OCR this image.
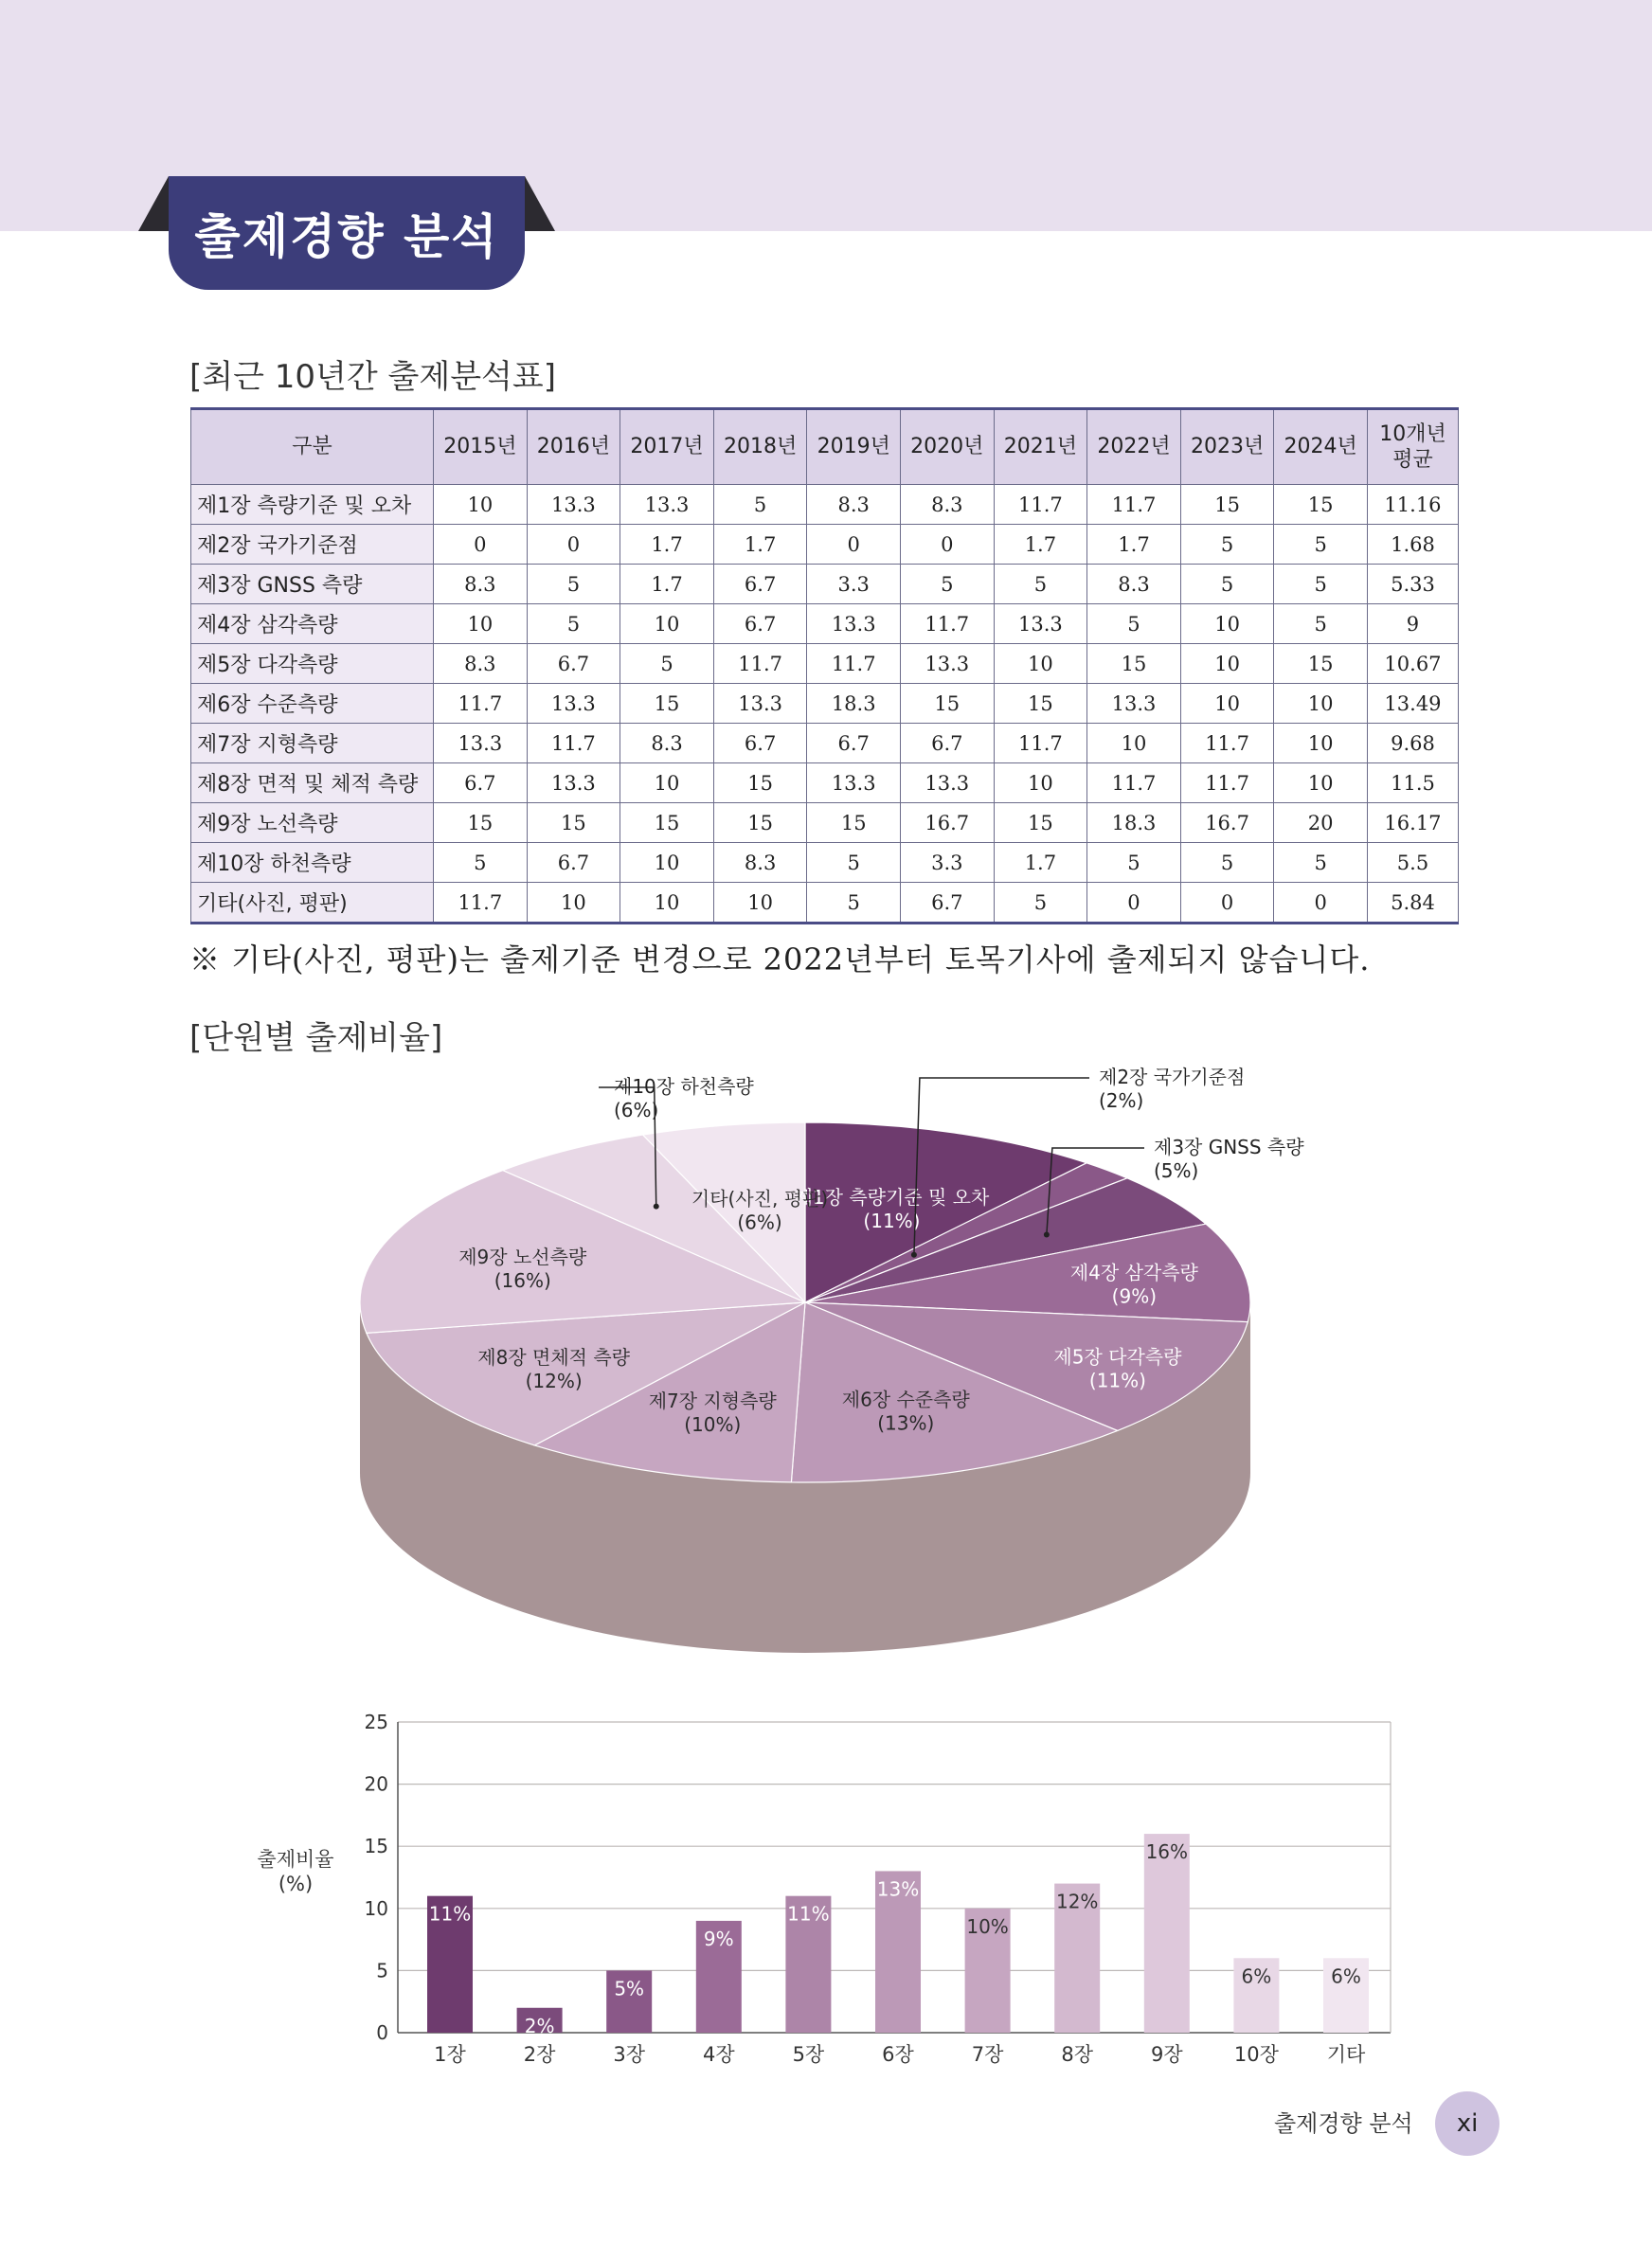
출제경향 분석
[최근 10년간 출제분석표]
구분	2015년	2016년	2017년	2018년	2019년	2020년	2021년	2022년	2023년	2024년	10개년
평균
제1장 측량기준 및 오차	10	13.3	13.3	5	8.3	8.3	11.7	11.7	15	15	11.16
제2장 국가기준점	0	0	1.7	1.7	0	0	1.7	1.7	5	5	1.68
제3장 GNSS 측량	8.3	5	1.7	6.7	3.3	5	5	8.3	5	5	5.33
제4장 삼각측량	10	5	10	6.7	13.3	11.7	13.3	5	10	5	9
제5장 다각측량	8.3	6.7	5	11.7	11.7	13.3	10	15	10	15	10.67
제6장 수준측량	11.7	13.3	15	13.3	18.3	15	15	13.3	10	10	13.49
제7장 지형측량	13.3	11.7	8.3	6.7	6.7	6.7	11.7	10	11.7	10	9.68
제8장 면적 및 체적 측량	6.7	13.3	10	15	13.3	13.3	10	11.7	11.7	10	11.5
제9장 노선측량	15	15	15	15	15	16.7	15	18.3	16.7	20	16.17
제10장 하천측량	5	6.7	10	8.3	5	3.3	1.7	5	5	5	5.5
기타(사진, 평판)	11.7	10	10	10	5	6.7	5	0	0	0	5.84
※ 기타(사진, 평판)는 출제기준 변경으로 2022년부터 토목기사에 출제되지 않습니다.
[단원별 출제비율]
제1장 측량기준 및 오차 (11%)
제4장 삼각측량 (9%)
제5장 다각측량 (11%)
제6장 수준측량 (13%)
제7장 지형측량 (10%)
제8장 면체적 측량 (12%)
제9장 노선측량 (16%)
기타(사진, 평판) (6%)
제2장 국가기준점 (2%)
제3장 GNSS 측량 (5%)
제10장 하천측량 (6%)
0
5
10
15
20
25
출제비율 (%)
11%
1장
2%
2장
5%
3장
9%
4장
11%
5장
13%
6장
10%
7장
12%
8장
16%
9장
6%
10장
6%
기타
출제경향 분석	xi
